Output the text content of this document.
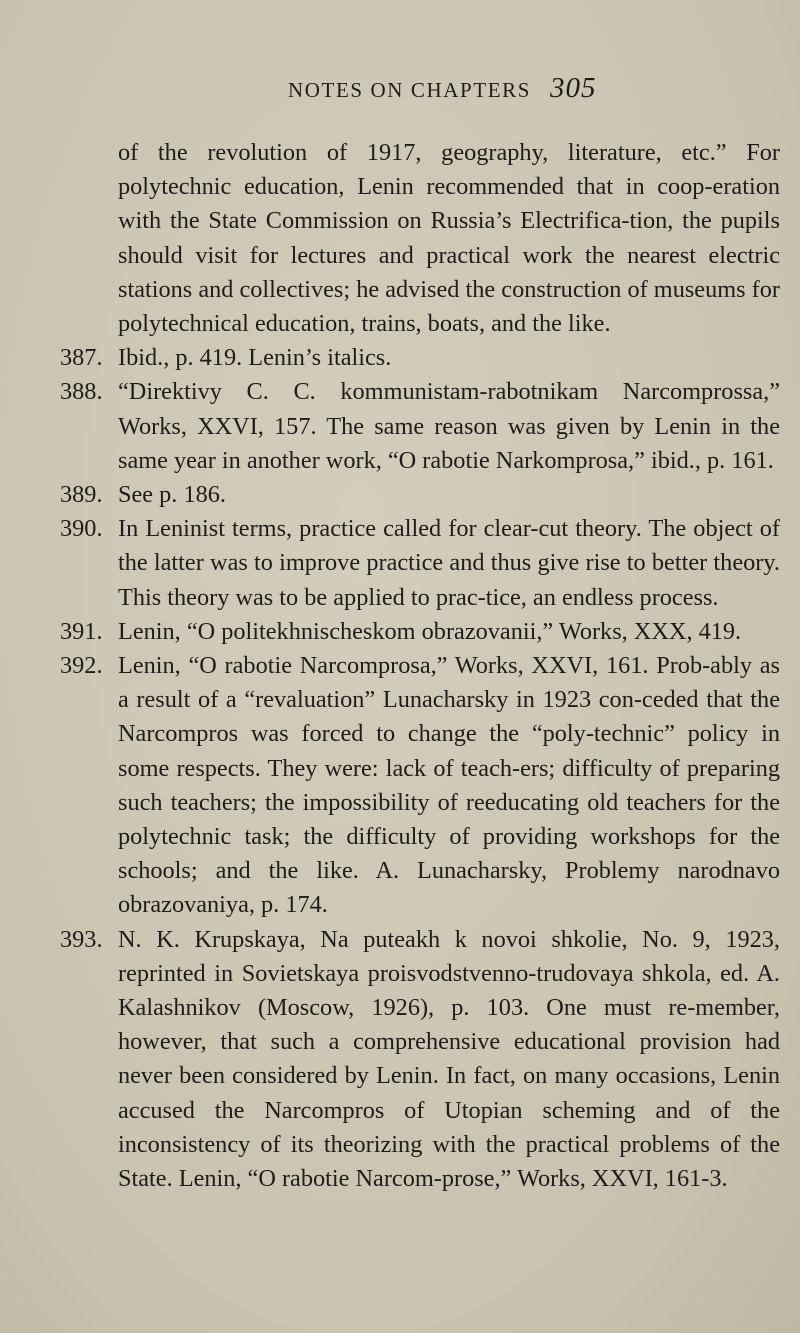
NOTES ON CHAPTERS 305
of the revolution of 1917, geography, literature, etc.” For polytechnic education, Lenin recommended that in coop-eration with the State Commission on Russia’s Electrifica-tion, the pupils should visit for lectures and practical work the nearest electric stations and collectives; he advised the construction of museums for polytechnical education, trains, boats, and the like.
387. Ibid., p. 419. Lenin’s italics.
388. “Direktivy C. C. kommunistam-rabotnikam Narcomprossa,” Works, XXVI, 157. The same reason was given by Lenin in the same year in another work, “O rabotie Narkomprosa,” ibid., p. 161.
389. See p. 186.
390. In Leninist terms, practice called for clear-cut theory. The object of the latter was to improve practice and thus give rise to better theory. This theory was to be applied to prac-tice, an endless process.
391. Lenin, “O politekhnischeskom obrazovanii,” Works, XXX, 419.
392. Lenin, “O rabotie Narcomprosa,” Works, XXVI, 161. Prob-ably as a result of a “revaluation” Lunacharsky in 1923 con-ceded that the Narcompros was forced to change the “poly-technic” policy in some respects. They were: lack of teach-ers; difficulty of preparing such teachers; the impossibility of reeducating old teachers for the polytechnic task; the difficulty of providing workshops for the schools; and the like. A. Lunacharsky, Problemy narodnavo obrazovaniya, p. 174.
393. N. K. Krupskaya, Na puteakh k novoi shkolie, No. 9, 1923, reprinted in Sovietskaya proisvodstvenno-trudovaya shkola, ed. A. Kalashnikov (Moscow, 1926), p. 103. One must re-member, however, that such a comprehensive educational provision had never been considered by Lenin. In fact, on many occasions, Lenin accused the Narcompros of Utopian scheming and of the inconsistency of its theorizing with the practical problems of the State. Lenin, “O rabotie Narcom-prose,” Works, XXVI, 161-3.
